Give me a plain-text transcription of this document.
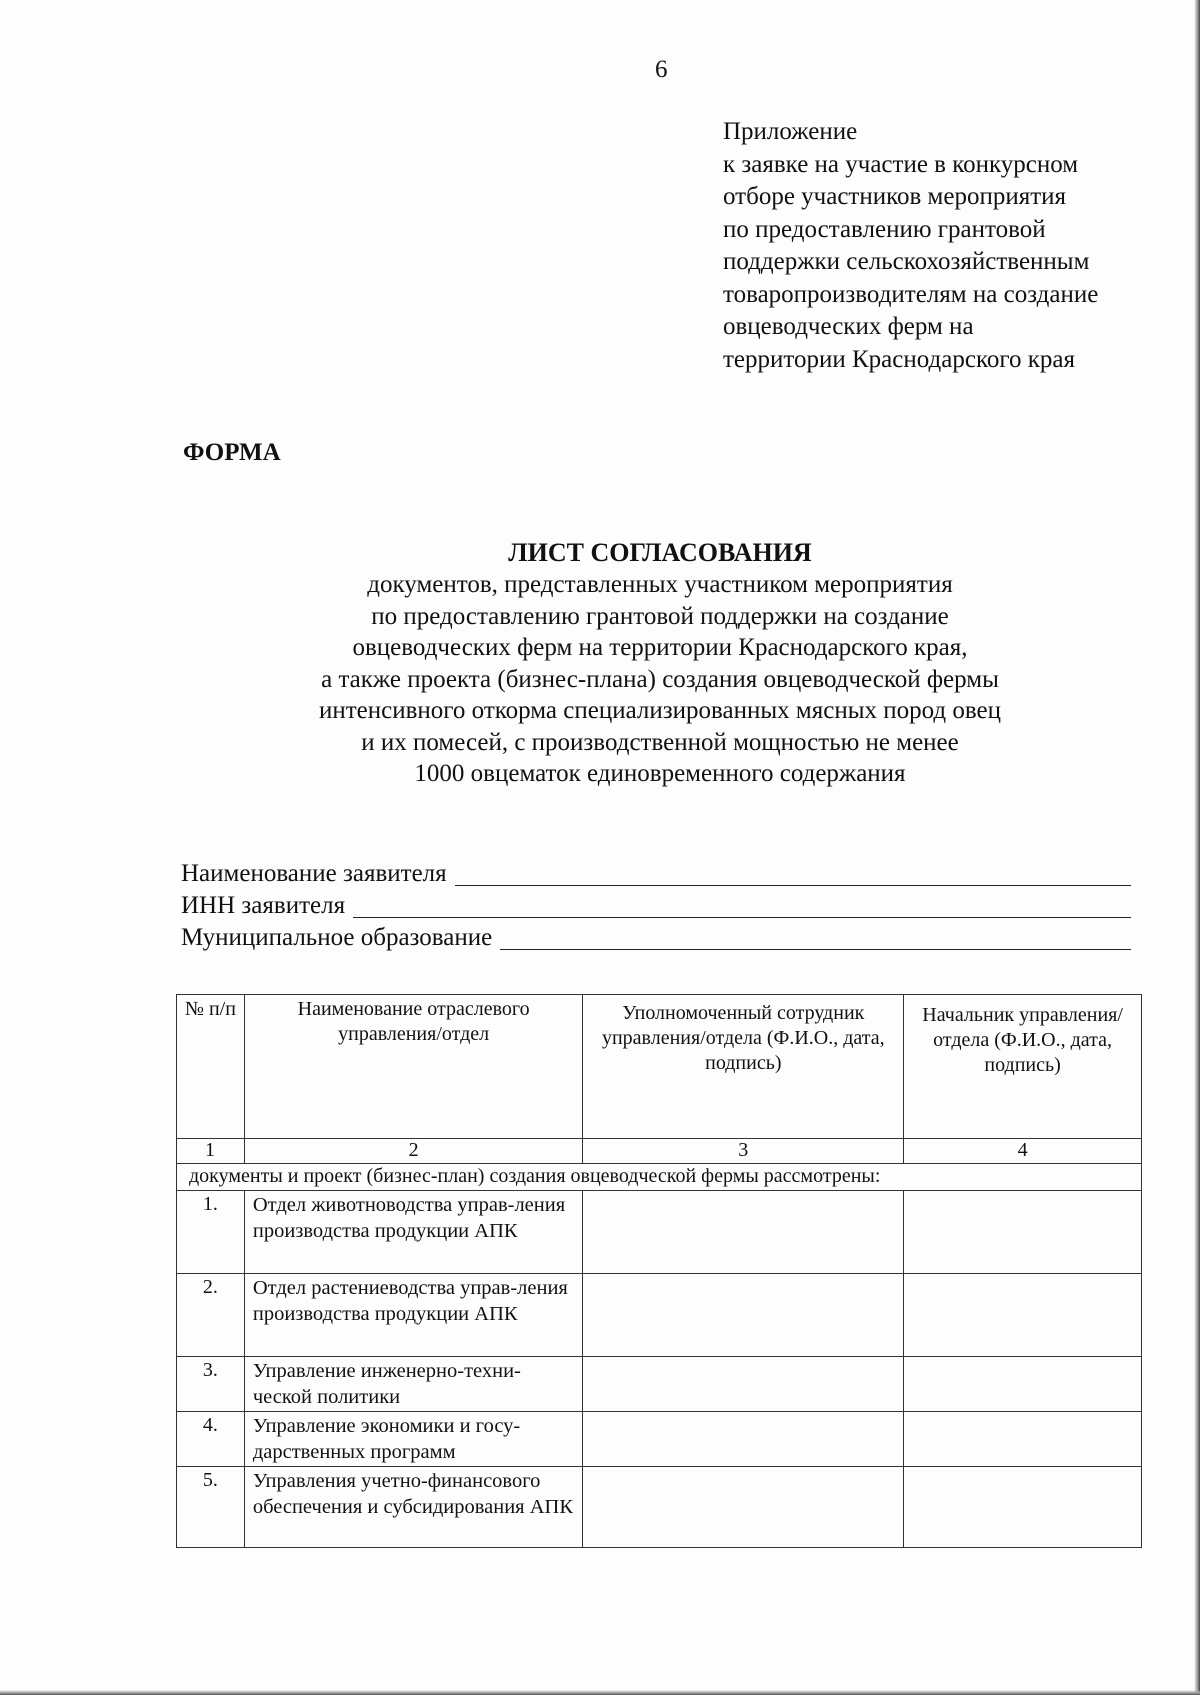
6
Приложение
к заявке на участие в конкурсном
отборе участников мероприятия
по предоставлению грантовой
поддержки сельскохозяйственным
товаропроизводителям на создание
овцеводческих ферм на
территории Краснодарского края
ФОРМА
ЛИСТ СОГЛАСОВАНИЯ
документов, представленных участником мероприятия
по предоставлению грантовой поддержки на создание
овцеводческих ферм на территории Краснодарского края,
а также проекта (бизнес-плана) создания овцеводческой фермы
интенсивного откорма специализированных мясных пород овец
и их помесей, с производственной мощностью не менее
1000 овцематок единовременного содержания
Наименование заявителя
ИНН заявителя
Муниципальное образование
№ п/п	Наименование отраслевого управления/отдел	Уполномоченный сотрудник управления/отдела (Ф.И.О., дата, подпись)	Начальник управления/отдела (Ф.И.О., дата, подпись)
1	2	3	4
документы и проект (бизнес-план) создания овцеводческой фермы рассмотрены:			
1.	Отдел животноводства управ-ления производства продукции АПК		
2.	Отдел растениеводства управ-ления производства продукции АПК		
3.	Управление инженерно-техни-ческой политики		
4.	Управление экономики и госу-дарственных программ		
5.	Управления учетно-финансового обеспечения и субсидирования АПК		
